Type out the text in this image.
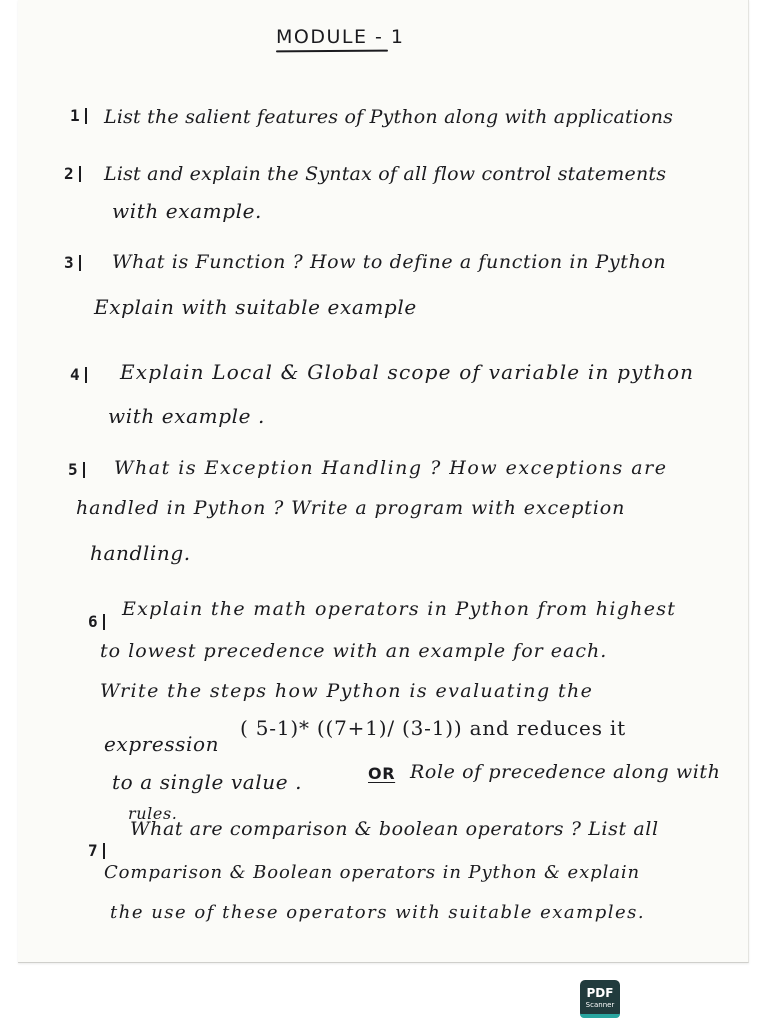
MODULE - 1
1	List the salient features of Python along with applications
2	List and explain the Syntax of all flow control statements
with example.
3	What is Function ? How to define a function in Python
Explain with suitable example
4	Explain Local & Global scope of variable in python
with example .
5	What is Exception Handling ? How exceptions are
handled in Python ? Write a program with exception
handling.
6
Explain the math operators in Python from highest
to lowest precedence with an example for each.
Write the steps how Python is evaluating the
expression
( 5-1)* ((7+1)/ (3-1)) and reduces it
to a single value .	OR Role of precedence along with
rules.
7
What are comparison & boolean operators ? List all
Comparison & Boolean operators in Python & explain
the use of these operators with suitable examples.
PDF
Scanner
